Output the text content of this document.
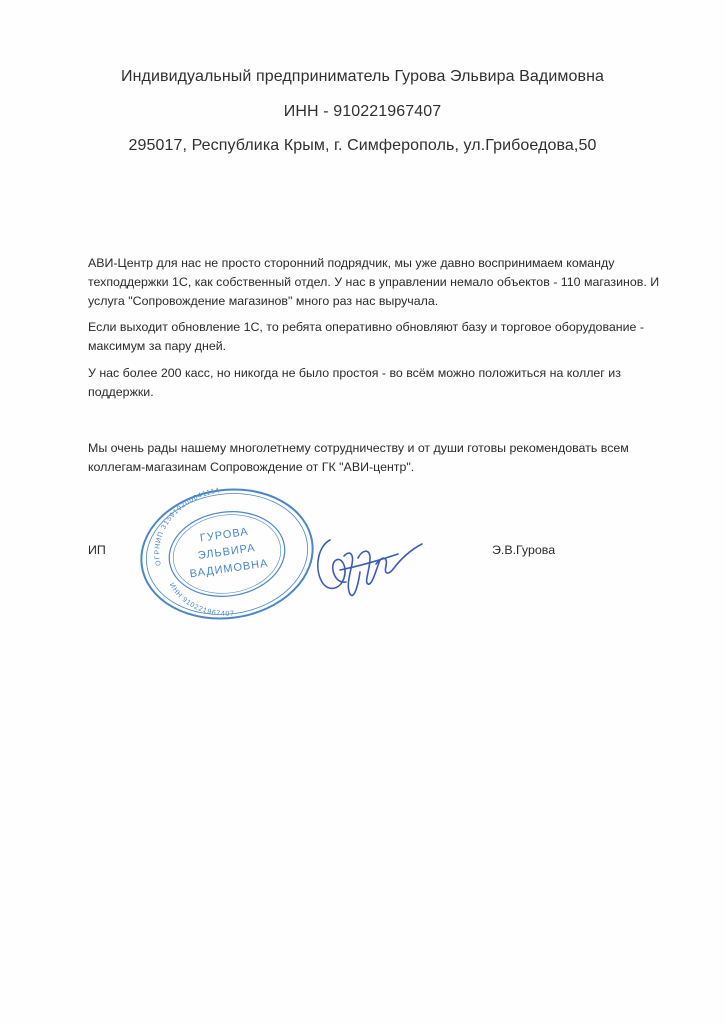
Индивидуальный предприниматель Гурова Эльвира Вадимовна
ИНН - 910221967407
295017, Республика Крым, г. Симферополь, ул.Грибоедова,50
АВИ-Центр для нас не просто сторонний подрядчик, мы уже давно воспринимаем команду
техподдержки 1С, как собственный отдел. У нас в управлении немало объектов - 110 магазинов. И
услуга "Сопровождение магазинов" много раз нас выручала.
Если выходит обновление 1С, то ребята оперативно обновляют базу и торговое оборудование -
максимум за пару дней.
У нас более 200 касс, но никогда не было простоя - во всём можно положиться на коллег из
поддержки.
Мы очень рады нашему многолетнему сотрудничеству и от души готовы рекомендовать всем
коллегам-магазинам Сопровождение от ГК "АВИ-центр".
ИП	Э.В.Гурова
ОГРНИП 315910200041114
ИНН 910221967407
ГУРОВА
ЭЛЬВИРА
ВАДИМОВНА
